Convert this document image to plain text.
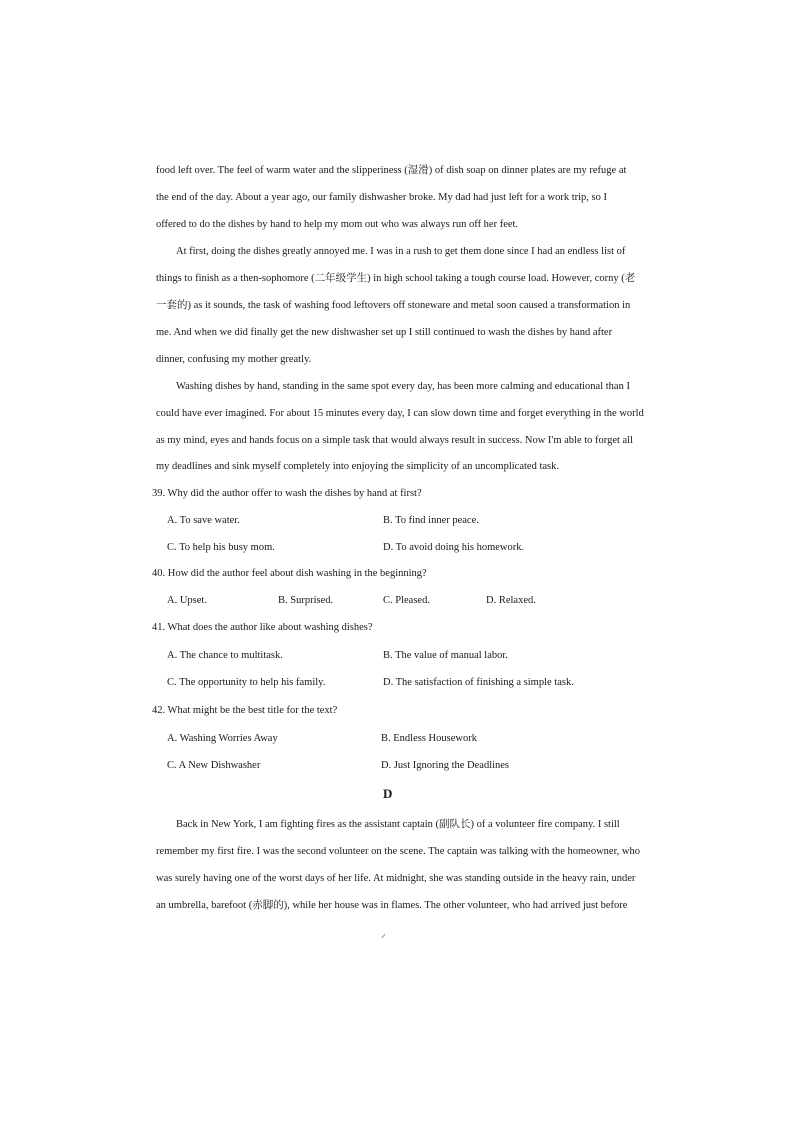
food left over. The feel of warm water and the slipperiness (湿滑) of dish soap on dinner plates are my refuge at
the end of the day. About a year ago, our family dishwasher broke. My dad had just left for a work trip, so I
offered to do the dishes by hand to help my mom out who was always run off her feet.
At first, doing the dishes greatly annoyed me. I was in a rush to get them done since I had an endless list of
things to finish as a then-sophomore (二年级学生) in high school taking a tough course load. However, corny (老
一套的) as it sounds, the task of washing food leftovers off stoneware and metal soon caused a transformation in
me. And when we did finally get the new dishwasher set up I still continued to wash the dishes by hand after
dinner, confusing my mother greatly.
Washing dishes by hand, standing in the same spot every day, has been more calming and educational than I
could have ever imagined. For about 15 minutes every day, I can slow down time and forget everything in the world
as my mind, eyes and hands focus on a simple task that would always result in success. Now I'm able to forget all
my deadlines and sink myself completely into enjoying the simplicity of an uncomplicated task.
39. Why did the author offer to wash the dishes by hand at first?
A. To save water.	B. To find inner peace.
C. To help his busy mom.	D. To avoid doing his homework.
40. How did the author feel about dish washing in the beginning?
A. Upset.	B. Surprised.	C. Pleased.	D. Relaxed.
41. What does the author like about washing dishes?
A. The chance to multitask.	B. The value of manual labor.
C. The opportunity to help his family.	D. The satisfaction of finishing a simple task.
42. What might be the best title for the text?
A. Washing Worries Away	B. Endless Housework
C. A New Dishwasher	D. Just Ignoring the Deadlines
D
Back in New York, I am fighting fires as the assistant captain (副队长) of a volunteer fire company. I still
remember my first fire. I was the second volunteer on the scene. The captain was talking with the homeowner, who
was surely having one of the worst days of her life. At midnight, she was standing outside in the heavy rain, under
an umbrella, barefoot (赤脚的), while her house was in flames. The other volunteer, who had arrived just before
⸝
